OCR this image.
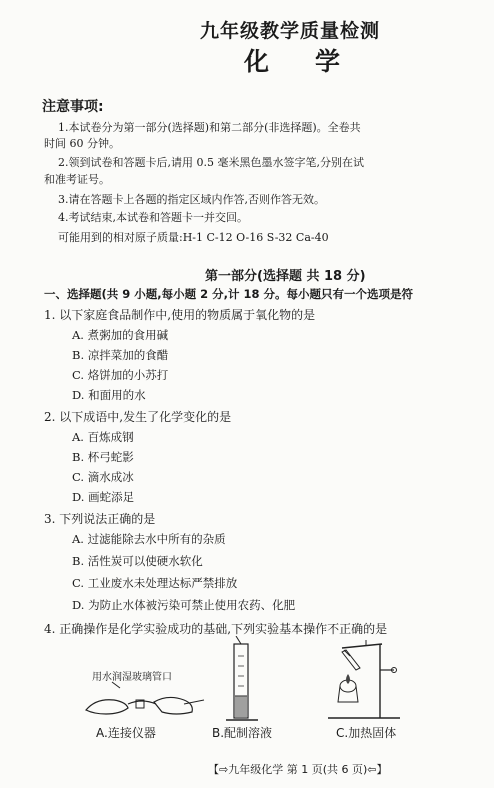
九年级教学质量检测
化 学
注意事项:
1.本试卷分为第一部分(选择题)和第二部分(非选择题)。全卷共
时间 60 分钟。
2.领到试卷和答题卡后,请用 0.5 毫米黑色墨水签字笔,分别在试
和准考证号。
3.请在答题卡上各题的指定区域内作答,否则作答无效。
4.考试结束,本试卷和答题卡一并交回。
可能用到的相对原子质量:H-1 C-12 O-16 S-32 Ca-40
第一部分(选择题 共 18 分)
一、选择题(共 9 小题,每小题 2 分,计 18 分。每小题只有一个选项是符
1. 以下家庭食品制作中,使用的物质属于氧化物的是
A. 煮粥加的食用碱
B. 凉拌菜加的食醋
C. 烙饼加的小苏打
D. 和面用的水
2. 以下成语中,发生了化学变化的是
A. 百炼成钢
B. 杯弓蛇影
C. 滴水成冰
D. 画蛇添足
3. 下列说法正确的是
A. 过滤能除去水中所有的杂质
B. 活性炭可以使硬水软化
C. 工业废水未处理达标严禁排放
D. 为防止水体被污染可禁止使用农药、化肥
4. 正确操作是化学实验成功的基础,下列实验基本操作不正确的是
用水润湿玻璃管口
A.连接仪器	B.配制溶液	C.加热固体
【⇨九年级化学 第 1 页(共 6 页)⇦】
